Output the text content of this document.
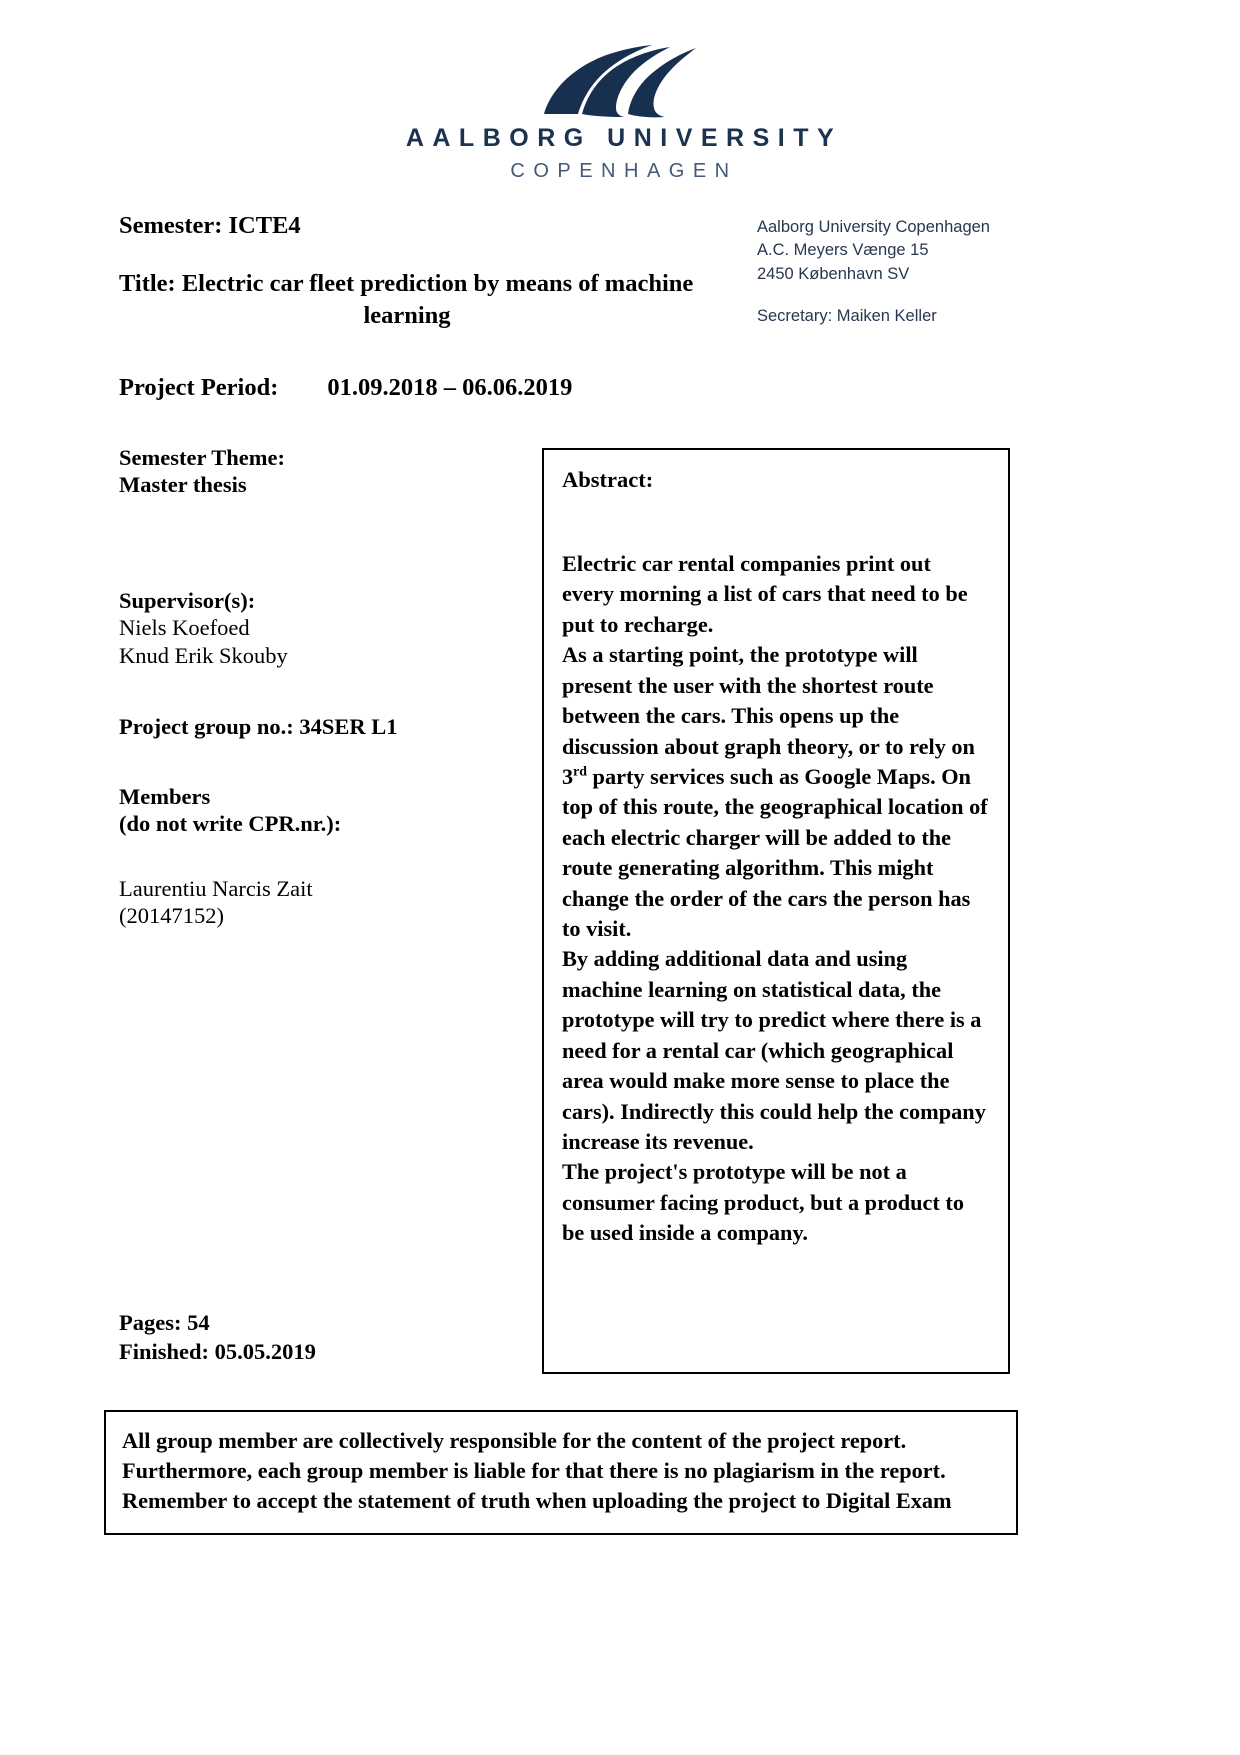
AALBORG UNIVERSITY
COPENHAGEN
Semester: ICTE4
Title: Electric car fleet prediction by means of machine
learning
Project Period:        01.09.2018 – 06.06.2019
Aalborg University Copenhagen
A.C. Meyers Vænge 15
2450 København SV
Secretary: Maiken Keller
Semester Theme:
Master thesis
Supervisor(s):
Niels Koefoed
Knud Erik Skouby
Project group no.: 34SER L1
Members
(do not write CPR.nr.):
Laurentiu Narcis Zait
(20147152)
Pages: 54
Finished: 05.05.2019
Abstract:

Electric car rental companies print out every morning a list of cars that need to be put to recharge.

As a starting point, the prototype will present the user with the shortest route between the cars. This opens up the discussion about graph theory, or to rely on 3rd party services such as Google Maps. On top of this route, the geographical location of each electric charger will be added to the route generating algorithm. This might change the order of the cars the person has to visit.

By adding additional data and using machine learning on statistical data, the prototype will try to predict where there is a need for a rental car (which geographical area would make more sense to place the cars). Indirectly this could help the company increase its revenue.

The project's prototype will be not a consumer facing product, but a product to be used inside a company.

All group member are collectively responsible for the content of the project report. Furthermore, each group member is liable for that there is no plagiarism in the report. Remember to accept the statement of truth when uploading the project to Digital Exam
